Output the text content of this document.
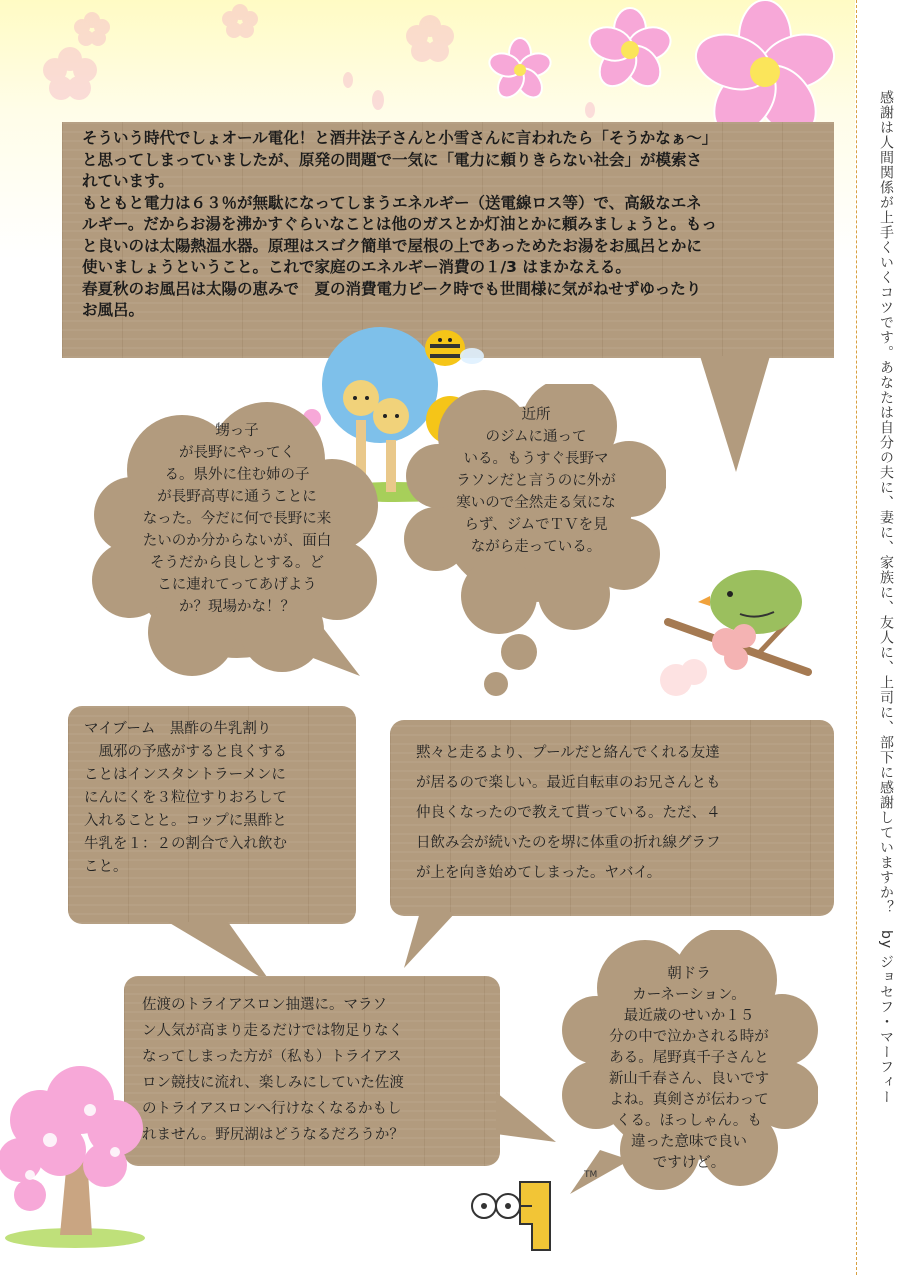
感謝は人間関係が上手くいくコツです。あなたは自分の夫に、妻に、家族に、友人に、上司に、部下に感謝していますか？　by ジョセフ・マーフィー
そういう時代でしょオール電化！と酒井法子さんと小雪さんに言われたら「そうかなぁ～」
と思ってしまっていましたが、原発の問題で一気に「電力に頼りきらない社会」が模索さ
れています。
もともと電力は６３％が無駄になってしまうエネルギー（送電線ロス等）で、高級なエネ
ルギー。だからお湯を沸かすぐらいなことは他のガスとか灯油とかに頼みましょうと。もっ
と良いのは太陽熱温水器。原理はスゴク簡単で屋根の上であっためたお湯をお風呂とかに
使いましょうということ。これで家庭のエネルギー消費の１/3 はまかなえる。
春夏秋のお風呂は太陽の恵みで　夏の消費電力ピーク時でも世間様に気がねせずゆったり
お風呂。
甥っ子
が長野にやってく
る。県外に住む姉の子
が長野高専に通うことに
なった。今だに何で長野に来
たいのか分からないが、面白
そうだから良しとする。ど
こに連れてってあげよう
か？現場かな！？
近所
のジムに通って
いる。もうすぐ長野マ
ラソンだと言うのに外が
寒いので全然走る気にな
らず、ジムでＴＶを見
ながら走っている。
マイブーム　黒酢の牛乳割り
　風邪の予感がすると良くする
ことはインスタントラーメンに
にんにくを３粒位すりおろして
入れることと。コップに黒酢と
牛乳を１：２の割合で入れ飲む
こと。
黙々と走るより、プールだと絡んでくれる友達
が居るので楽しい。最近自転車のお兄さんとも
仲良くなったので教えて貰っている。ただ、４
日飲み会が続いたのを堺に体重の折れ線グラフ
が上を向き始めてしまった。ヤバイ。
佐渡のトライアスロン抽選に。マラソ
ン人気が高まり走るだけでは物足りなく
なってしまった方が（私も）トライアス
ロン競技に流れ、楽しみにしていた佐渡
のトライアスロンへ行けなくなるかもし
れません。野尻湖はどうなるだろうか？
朝ドラ
カーネーション。
最近歳のせいか１５
分の中で泣かされる時が
ある。尾野真千子さんと
新山千春さん、良いです
よね。真剣さが伝わって
くる。ほっしゃん。も
違った意味で良い
ですけど。
TM
